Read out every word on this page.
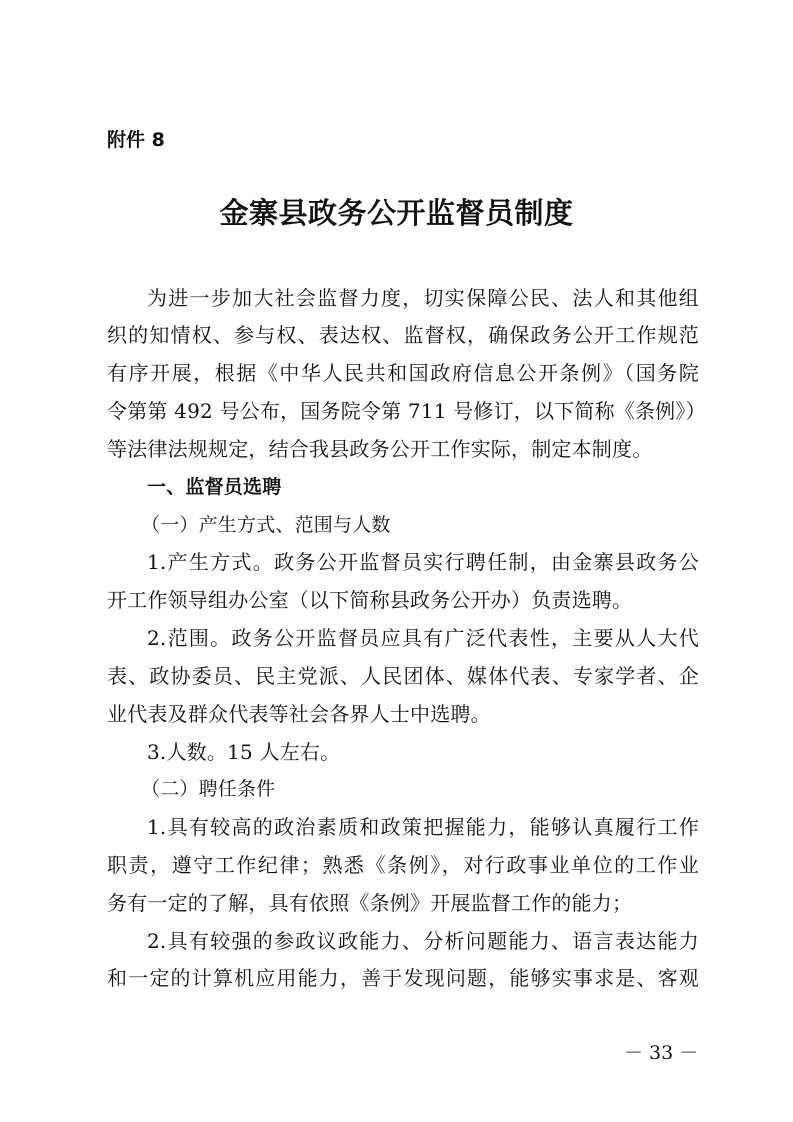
附件 8
金寨县政务公开监督员制度
为进一步加大社会监督力度，切实保障公民、法人和其他组
织的知情权、参与权、表达权、监督权，确保政务公开工作规范
有序开展，根据《中华人民共和国政府信息公开条例》（国务院
令第第 492 号公布，国务院令第 711 号修订，以下简称《条例》）
等法律法规规定，结合我县政务公开工作实际，制定本制度。
一、监督员选聘
（一）产生方式、范围与人数
1.产生方式。政务公开监督员实行聘任制，由金寨县政务公
开工作领导组办公室（以下简称县政务公开办）负责选聘。
2.范围。政务公开监督员应具有广泛代表性，主要从人大代
表、政协委员、民主党派、人民团体、媒体代表、专家学者、企
业代表及群众代表等社会各界人士中选聘。
3.人数。15 人左右。
（二）聘任条件
1.具有较高的政治素质和政策把握能力，能够认真履行工作
职责，遵守工作纪律；熟悉《条例》，对行政事业单位的工作业
务有一定的了解，具有依照《条例》开展监督工作的能力；
2.具有较强的参政议政能力、分析问题能力、语言表达能力
和一定的计算机应用能力，善于发现问题，能够实事求是、客观
－ 33 －
